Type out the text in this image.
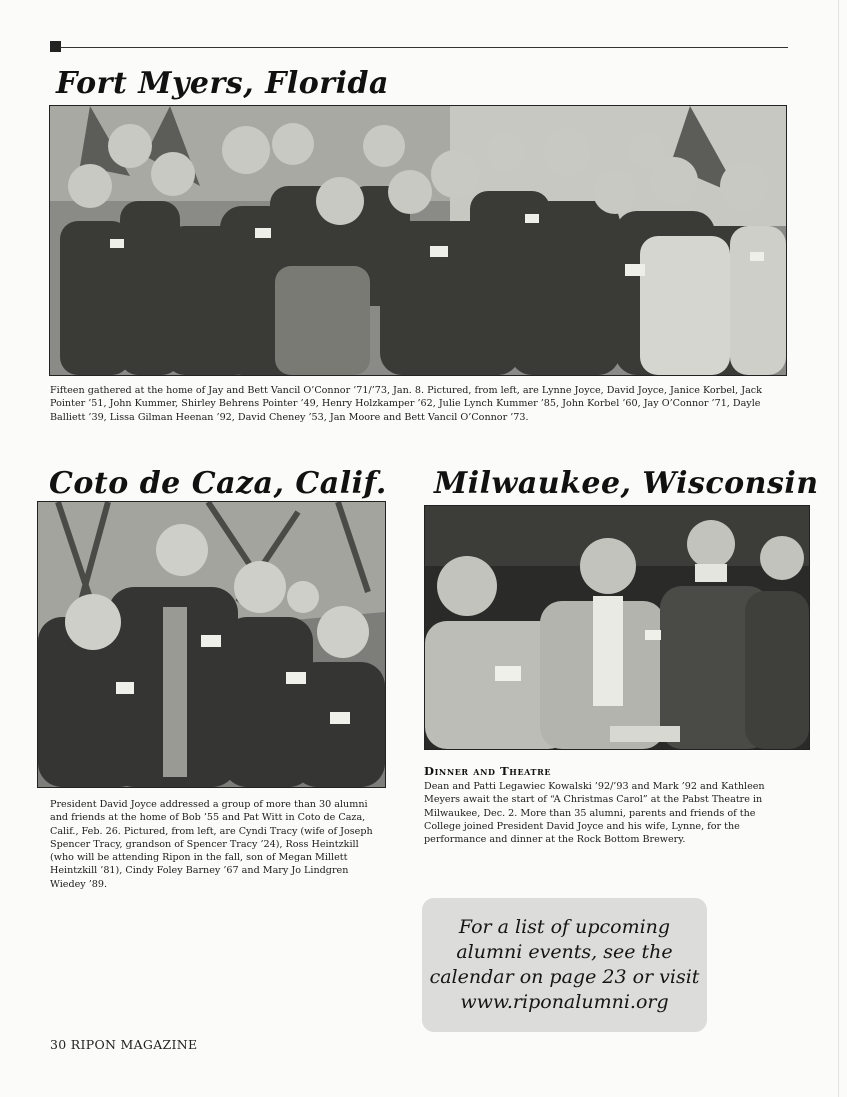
Fort Myers, Florida

Fifteen gathered at the home of Jay and Bett Vancil O’Connor ’71/’73, Jan. 8. Pictured, from left, are Lynne Joyce, David Joyce, Janice Korbel, Jack Pointer ’51, John Kummer, Shirley Behrens Pointer ’49, Henry Holzkamper ’62, Julie Lynch Kummer ’85, John Korbel ’60, Jay O’Connor ’71, Dayle Balliett ’39, Lissa Gilman Heenan ’92, David Cheney ’53, Jan Moore and Bett Vancil O’Connor ’73.

Coto de Caza, Calif.

President David Joyce addressed a group of more than 30 alumni and friends at the home of Bob ’55 and Pat Witt in Coto de Caza, Calif., Feb. 26. Pictured, from left, are Cyndi Tracy (wife of Joseph Spencer Tracy, grandson of Spencer Tracy ’24), Ross Heintzkill (who will be attending Ripon in the fall, son of Megan Millett Heintzkill ’81), Cindy Foley Barney ’67 and Mary Jo Lindgren Wiedey ’89.

Milwaukee, Wisconsin
Dinner and Theatre

Dean and Patti Legawiec Kowalski ’92/’93 and Mark ’92 and Kathleen Meyers await the start of “A Christmas Carol” at the Pabst Theatre in Milwaukee, Dec. 2. More than 35 alumni, parents and friends of the College joined President David Joyce and his wife, Lynne, for the performance and dinner at the Rock Bottom Brewery.

For a list of upcoming alumni events, see the calendar on page 23 or visit www.riponalumni.org

30 RIPON MAGAZINE
